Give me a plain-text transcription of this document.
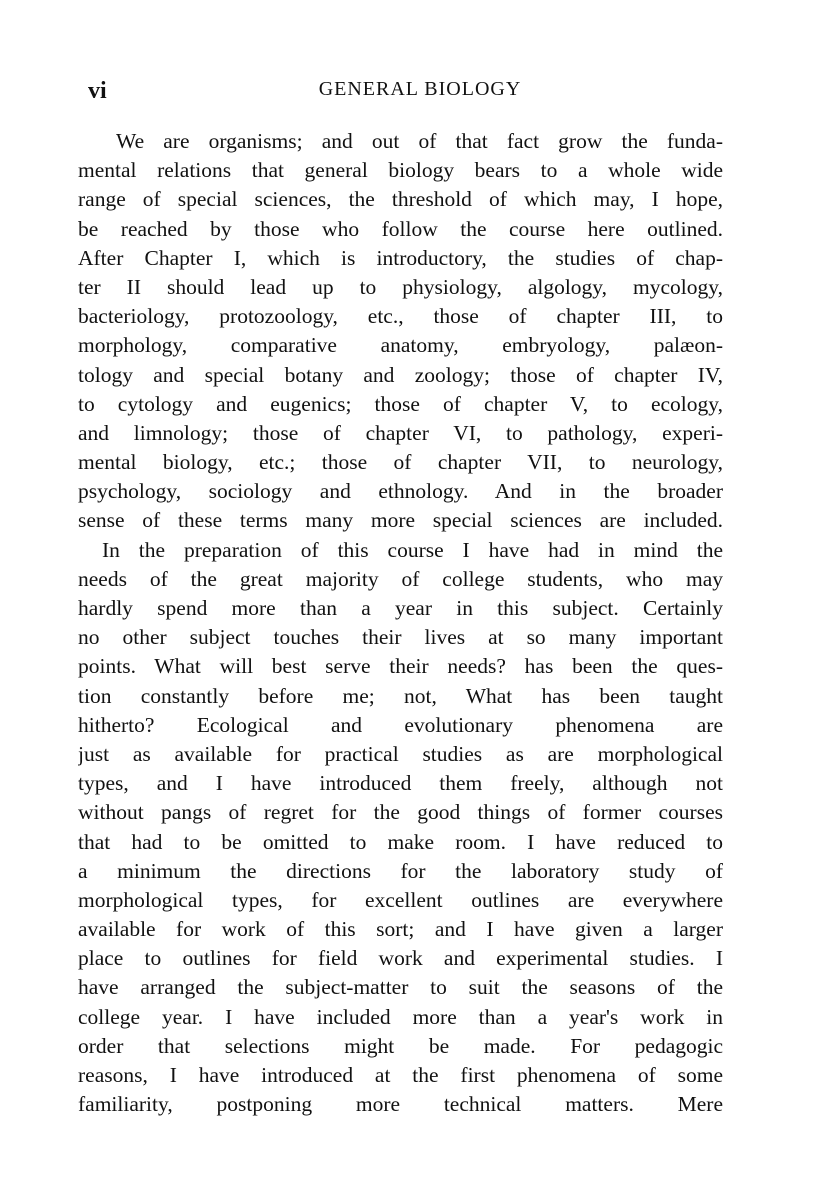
vi	GENERAL BIOLOGY
We are organisms; and out of that fact grow the funda-
mental relations that general biology bears to a whole wide
range of special sciences, the threshold of which may, I hope,
be reached by those who follow the course here outlined.
After Chapter I, which is introductory, the studies of chap-
ter II should lead up to physiology, algology, mycology,
bacteriology, protozoology, etc., those of chapter III, to
morphology, comparative anatomy, embryology, palæon-
tology and special botany and zoology; those of chapter IV,
to cytology and eugenics; those of chapter V, to ecology,
and limnology; those of chapter VI, to pathology, experi-
mental biology, etc.; those of chapter VII, to neurology,
psychology, sociology and ethnology. And in the broader
sense of these terms many more special sciences are included.
In the preparation of this course I have had in mind the
needs of the great majority of college students, who may
hardly spend more than a year in this subject. Certainly
no other subject touches their lives at so many important
points. What will best serve their needs? has been the ques-
tion constantly before me; not, What has been taught
hitherto? Ecological and evolutionary phenomena are
just as available for practical studies as are morphological
types, and I have introduced them freely, although not
without pangs of regret for the good things of former courses
that had to be omitted to make room. I have reduced to
a minimum the directions for the laboratory study of
morphological types, for excellent outlines are everywhere
available for work of this sort; and I have given a larger
place to outlines for field work and experimental studies. I
have arranged the subject-matter to suit the seasons of the
college year. I have included more than a year's work in
order that selections might be made. For pedagogic
reasons, I have introduced at the first phenomena of some
familiarity, postponing more technical matters. Mere
